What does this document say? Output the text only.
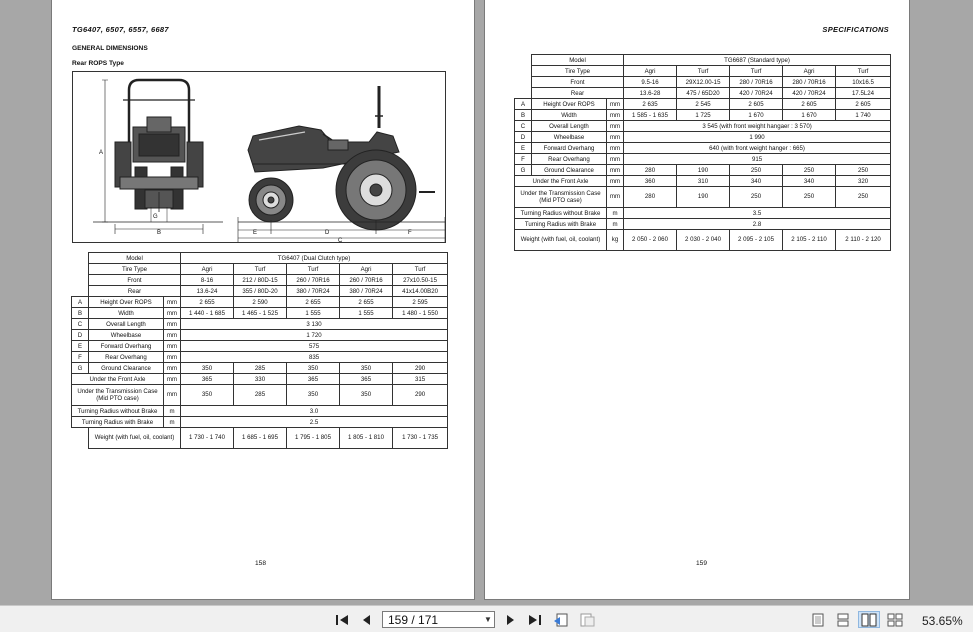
TG6407, 6507, 6557, 6687
GENERAL DIMENSIONS
Rear ROPS Type
A
B
C
D
E	F
G
	Model		TG6407 (Dual Clutch type)				
	Tire Type		Agri	Turf	Turf	Agri	Turf
	Front		8-16	212 / 80D-15	260 / 70R16	260 / 70R16	27x10.50-15
	Rear		13.6-24	355 / 80D-20	380 / 70R24	380 / 70R24	41x14.00B20
A	Height Over ROPS	mm	2 655	2 590	2 655	2 655	2 595
B	Width	mm	1 440 - 1 685	1 465 - 1 525	1 555	1 555	1 480 - 1 550
C	Overall Length	mm	3 130				
D	Wheelbase	mm	1 720				
E	Forward Overhang	mm	575				
F	Rear Overhang	mm	835				
G	Ground Clearance	mm	350	285	350	350	290
Under the Front Axle		mm	365	330	365	365	315
Under the Transmission Case (Mid PTO case)		mm	350	285	350	350	290
Turning Radius without Brake		m	3.0				
Turning Radius with Brake		m	2.5				
	Weight (with fuel, oil, coolant)		1 730 - 1 740	1 685 - 1 695	1 795 - 1 805	1 805 - 1 810	1 730 - 1 735
158
SPECIFICATIONS
	Model		TG6687 (Standard type)				
	Tire Type		Agri	Turf	Turf	Agri	Turf
	Front		9.5-16	29X12.00-15	280 / 70R16	280 / 70R16	10x16.5
	Rear		13.6-28	475 / 65D20	420 / 70R24	420 / 70R24	17.5L24
A	Height Over ROPS	mm	2 635	2 545	2 605	2 605	2 605
B	Width	mm	1 585 - 1 635	1 725	1 670	1 670	1 740
C	Overall Length	mm	3 545 (with front weight hangaer : 3 570)				
D	Wheelbase	mm	1 990				
E	Forward Overhang	mm	640 (with front weight hanger : 665)				
F	Rear Overhang	mm	915				
G	Ground Clearance	mm	280	190	250	250	250
Under the Front Axle		mm	360	310	340	340	320
Under the Transmission Case (Mid PTO case)		mm	280	190	250	250	250
Turning Radius without Brake		m	3.5				
Turning Radius with Brake		m	2.8				
Weight (with fuel, oil, coolant)		kg	2 050 - 2 060	2 030 - 2 040	2 095 - 2 105	2 105 - 2 110	2 110 - 2 120
159
159 / 171	▼	53.65%
